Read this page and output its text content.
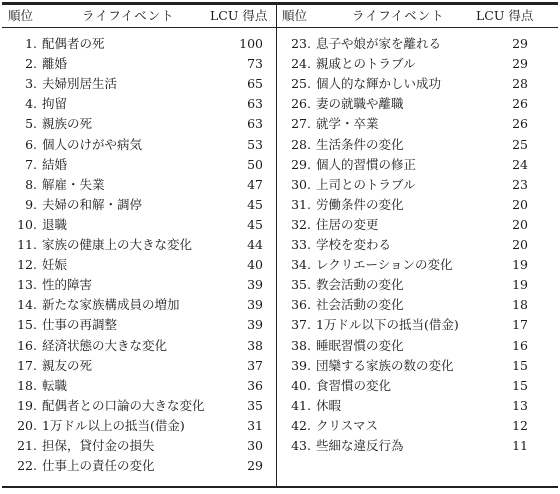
順位	ライフイベント	LCU 得点 順位	ライフイベント	LCU 得点
1. 配偶者の死	100
2. 離婚	73
3. 夫婦別居生活	65
4. 拘留	63
5. 親族の死	63
6. 個人のけがや病気	53
7. 結婚	50
8. 解雇・失業	47
9. 夫婦の和解・調停	45
10. 退職	45
11. 家族の健康上の大きな変化	44
12. 妊娠	40
13. 性的障害	39
14. 新たな家族構成員の増加	39
15. 仕事の再調整	39
16. 経済状態の大きな変化	38
17. 親友の死	37
18. 転職	36
19. 配偶者との口論の大きな変化	35
20. 1万ドル以上の抵当(借金)	31
21. 担保，貸付金の損失	30
22. 仕事上の責任の変化	29
23. 息子や娘が家を離れる	29
24. 親戚とのトラブル	29
25. 個人的な輝かしい成功	28
26. 妻の就職や離職	26
27. 就学・卒業	26
28. 生活条件の変化	25
29. 個人的習慣の修正	24
30. 上司とのトラブル	23
31. 労働条件の変化	20
32. 住居の変更	20
33. 学校を変わる	20
34. レクリエーションの変化	19
35. 教会活動の変化	19
36. 社会活動の変化	18
37. 1万ドル以下の抵当(借金)	17
38. 睡眠習慣の変化	16
39. 団欒する家族の数の変化	15
40. 食習慣の変化	15
41. 休暇	13
42. クリスマス	12
43. 些細な違反行為	11
